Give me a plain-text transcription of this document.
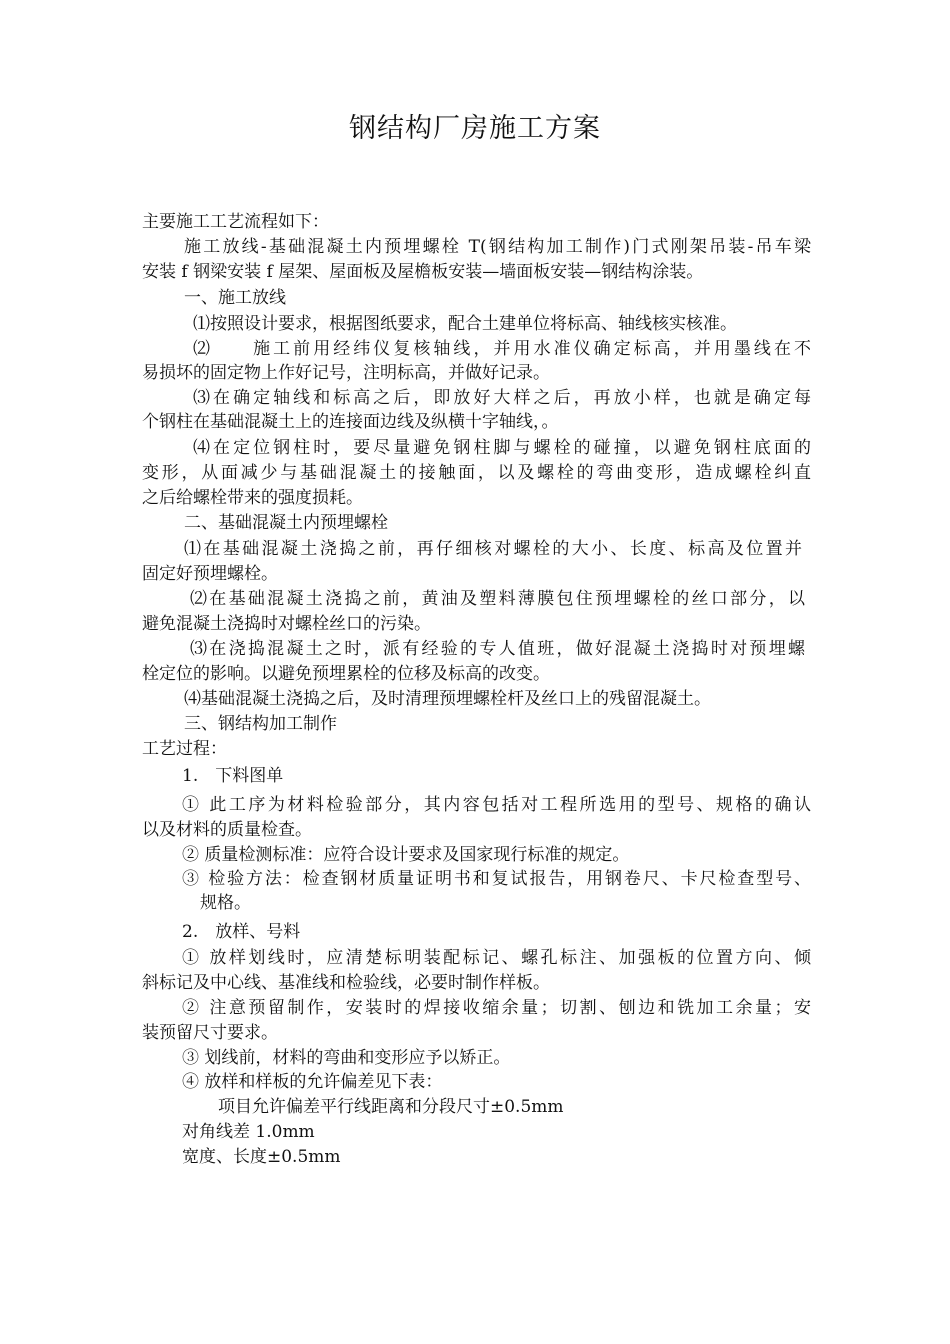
钢结构厂房施工方案
主要施工工艺流程如下：
施工放线-基础混凝土内预埋螺栓 T(钢结构加工制作)门式刚架吊装-吊车梁
安装 f 钢梁安装 f 屋架、屋面板及屋檐板安装—墙面板安装—钢结构涂装。
一、施工放线
⑴按照设计要求，根据图纸要求，配合土建单位将标高、轴线核实核准。
⑵　　施工前用经纬仪复核轴线，并用水准仪确定标高，并用墨线在不
易损坏的固定物上作好记号，注明标高，并做好记录。
⑶在确定轴线和标高之后，即放好大样之后，再放小样，也就是确定每
个钢柱在基础混凝土上的连接面边线及纵横十字轴线，。
⑷在定位钢柱时，要尽量避免钢柱脚与螺栓的碰撞，以避免钢柱底面的
变形，从面减少与基础混凝土的接触面，以及螺栓的弯曲变形，造成螺栓纠直
之后给螺栓带来的强度损耗。
二、基础混凝土内预埋螺栓
⑴在基础混凝土浇捣之前，再仔细核对螺栓的大小、长度、标高及位置并
固定好预埋螺栓。
⑵在基础混凝土浇捣之前，黄油及塑料薄膜包住预埋螺栓的丝口部分，以
避免混凝土浇捣时对螺栓丝口的污染。
⑶在浇捣混凝土之时，派有经验的专人值班，做好混凝土浇捣时对预埋螺
栓定位的影响。以避免预埋累栓的位移及标高的改变。
⑷基础混凝土浇捣之后，及时清理预埋螺栓杆及丝口上的残留混凝土。
三、钢结构加工制作
工艺过程：
1.　下料图单
① 此工序为材料检验部分，其内容包括对工程所选用的型号、规格的确认
以及材料的质量检查。
② 质量检测标准：应符合设计要求及国家现行标准的规定。
③ 检验方法：检查钢材质量证明书和复试报告，用钢卷尺、卡尺检查型号、
规格。
2.　放样、号料
① 放样划线时，应清楚标明装配标记、螺孔标注、加强板的位置方向、倾
斜标记及中心线、基准线和检验线，必要时制作样板。
② 注意预留制作，安装时的焊接收缩余量；切割、刨边和铣加工余量；安
装预留尺寸要求。
③ 划线前，材料的弯曲和变形应予以矫正。
④ 放样和样板的允许偏差见下表：
项目允许偏差平行线距离和分段尺寸±0.5mm
对角线差 1.0mm
宽度、长度±0.5mm
